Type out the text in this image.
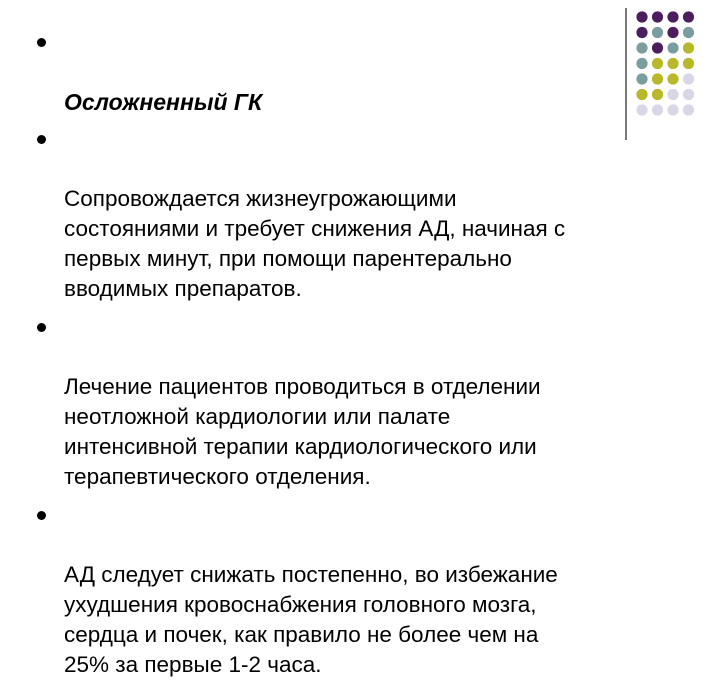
Осложненный ГК

Сопровождается жизнеугрожающими
состояниями и требует снижения АД, начиная с
первых минут, при помощи парентерально
вводимых препаратов.

Лечение пациентов проводиться в отделении
неотложной кардиологии или палате
интенсивной терапии кардиологического или
терапевтического отделения.

АД следует снижать постепенно, во избежание
ухудшения кровоснабжения головного мозга,
сердца и почек, как правило не более чем на
25% за первые 1-2 часа.
